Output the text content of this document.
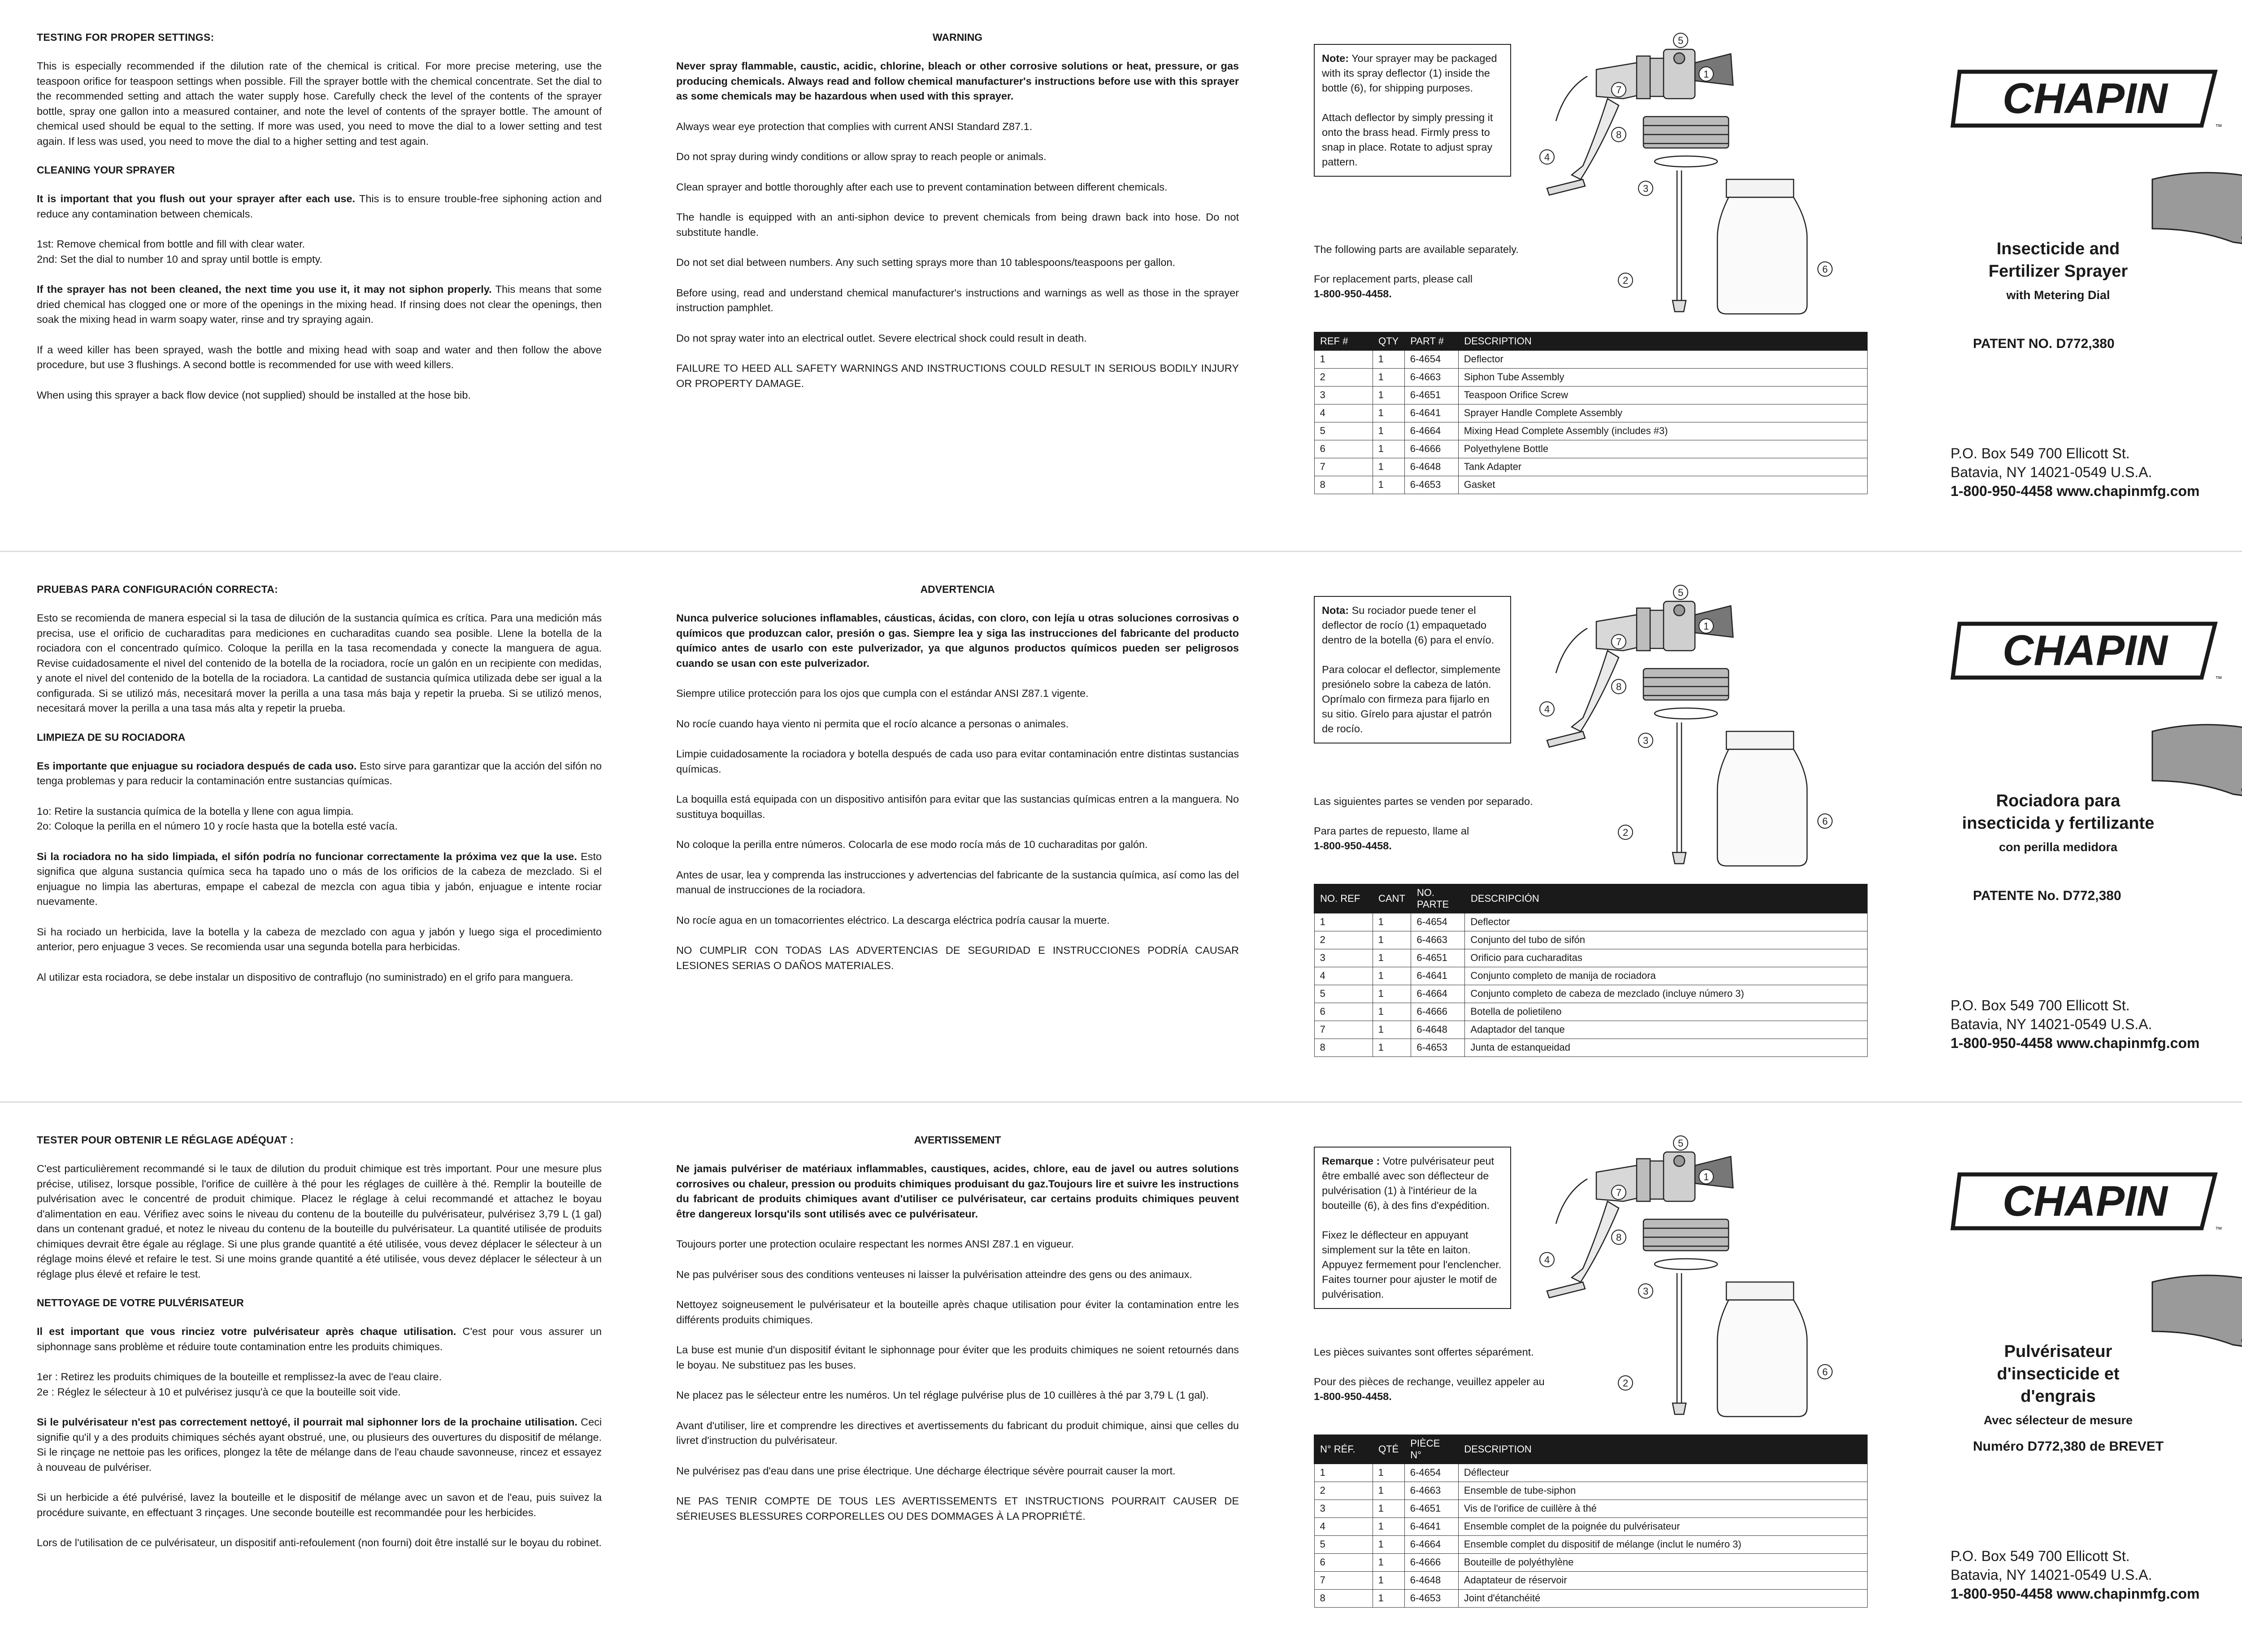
TESTING FOR PROPER SETTINGS:

This is especially recommended if the dilution rate of the chemical is critical. For more precise metering, use the teaspoon orifice for teaspoon settings when possible. Fill the sprayer bottle with the chemical concentrate. Set the dial to the recommended setting and attach the water supply hose. Carefully check the level of the contents of the sprayer bottle, spray one gallon into a measured container, and note the level of contents of the sprayer bottle. The amount of chemical used should be equal to the setting. If more was used, you need to move the dial to a lower setting and test again. If less was used, you need to move the dial to a higher setting and test again.

CLEANING YOUR SPRAYER

It is important that you flush out your sprayer after each use. This is to ensure trouble-free siphoning action and reduce any contamination between chemicals.

1st: Remove chemical from bottle and fill with clear water.
2nd: Set the dial to number 10 and spray until bottle is empty.

If the sprayer has not been cleaned, the next time you use it, it may not siphon properly. This means that some dried chemical has clogged one or more of the openings in the mixing head. If rinsing does not clear the openings, then soak the mixing head in warm soapy water, rinse and try spraying again.

If a weed killer has been sprayed, wash the bottle and mixing head with soap and water and then follow the above procedure, but use 3 flushings. A second bottle is recommended for use with weed killers.

When using this sprayer a back flow device (not supplied) should be installed at the hose bib.

WARNING

Never spray flammable, caustic, acidic, chlorine, bleach or other corrosive solutions or heat, pressure, or gas producing chemicals. Always read and follow chemical manufacturer's instructions before use with this sprayer as some chemicals may be hazardous when used with this sprayer.

Always wear eye protection that complies with current ANSI Standard Z87.1.

Do not spray during windy conditions or allow spray to reach people or animals.

Clean sprayer and bottle thoroughly after each use to prevent contamination between different chemicals.

The handle is equipped with an anti-siphon device to prevent chemicals from being drawn back into hose. Do not substitute handle.

Do not set dial between numbers. Any such setting sprays more than 10 tablespoons/teaspoons per gallon.

Before using, read and understand chemical manufacturer's instructions and warnings as well as those in the sprayer instruction pamphlet.

Do not spray water into an electrical outlet. Severe electrical shock could result in death.

FAILURE TO HEED ALL SAFETY WARNINGS AND INSTRUCTIONS COULD RESULT IN SERIOUS BODILY INJURY OR PROPERTY DAMAGE.

Note: Your sprayer may be packaged with its spray deflector (1) inside the bottle (6), for shipping purposes.

Attach deflector by simply pressing it onto the brass head. Firmly press to snap in place. Rotate to adjust spray pattern.

1
2
3
4
5
6
7
8

The following parts are available separately.

For replacement parts, please call
1-800-950-4458.

REF #	QTY	PART #	DESCRIPTION
1	1	6-4654	Deflector
2	1	6-4663	Siphon Tube Assembly
3	1	6-4651	Teaspoon Orifice Screw
4	1	6-4641	Sprayer Handle Complete Assembly
5	1	6-4664	Mixing Head Complete Assembly (includes #3)
6	1	6-4666	Polyethylene Bottle
7	1	6-4648	Tank Adapter
8	1	6-4653	Gasket
CHAPIN
™

Insecticide and
Fertilizer Sprayer
with Metering Dial
PATENT NO. D772,380
P.O. Box 549 700 Ellicott St.
Batavia, NY 14021-0549 U.S.A.
1-800-950-4458 www.chapinmfg.com

PRUEBAS PARA CONFIGURACIÓN CORRECTA:

Esto se recomienda de manera especial si la tasa de dilución de la sustancia química es crítica. Para una medición más precisa, use el orificio de cucharaditas para mediciones en cucharaditas cuando sea posible. Llene la botella de la rociadora con el concentrado químico. Coloque la perilla en la tasa recomendada y conecte la manguera de agua. Revise cuidadosamente el nivel del contenido de la botella de la rociadora, rocíe un galón en un recipiente con medidas, y anote el nivel del contenido de la botella de la rociadora. La cantidad de sustancia química utilizada debe ser igual a la configurada. Si se utilizó más, necesitará mover la perilla a una tasa más baja y repetir la prueba. Si se utilizó menos, necesitará mover la perilla a una tasa más alta y repetir la prueba.

LIMPIEZA DE SU ROCIADORA

Es importante que enjuague su rociadora después de cada uso. Esto sirve para garantizar que la acción del sifón no tenga problemas y para reducir la contaminación entre sustancias químicas.

1o: Retire la sustancia química de la botella y llene con agua limpia.
2o: Coloque la perilla en el número 10 y rocíe hasta que la botella esté vacía.

Si la rociadora no ha sido limpiada, el sifón podría no funcionar correctamente la próxima vez que la use. Esto significa que alguna sustancia química seca ha tapado uno o más de los orificios de la cabeza de mezclado. Si el enjuague no limpia las aberturas, empape el cabezal de mezcla con agua tibia y jabón, enjuague e intente rociar nuevamente.

Si ha rociado un herbicida, lave la botella y la cabeza de mezclado con agua y jabón y luego siga el procedimiento anterior, pero enjuague 3 veces. Se recomienda usar una segunda botella para herbicidas.

Al utilizar esta rociadora, se debe instalar un dispositivo de contraflujo (no suministrado) en el grifo para manguera.

ADVERTENCIA

Nunca pulverice soluciones inflamables, cáusticas, ácidas, con cloro, con lejía u otras soluciones corrosivas o químicos que produzcan calor, presión o gas. Siempre lea y siga las instrucciones del fabricante del producto químico antes de usarlo con este pulverizador, ya que algunos productos químicos pueden ser peligrosos cuando se usan con este pulverizador.

Siempre utilice protección para los ojos que cumpla con el estándar ANSI Z87.1 vigente.

No rocíe cuando haya viento ni permita que el rocío alcance a personas o animales.

Limpie cuidadosamente la rociadora y botella después de cada uso para evitar contaminación entre distintas sustancias químicas.

La boquilla está equipada con un dispositivo antisifón para evitar que las sustancias químicas entren a la manguera. No sustituya boquillas.

No coloque la perilla entre números. Colocarla de ese modo rocía más de 10 cucharaditas por galón.

Antes de usar, lea y comprenda las instrucciones y advertencias del fabricante de la sustancia química, así como las del manual de instrucciones de la rociadora.

No rocíe agua en un tomacorrientes eléctrico. La descarga eléctrica podría causar la muerte.

NO CUMPLIR CON TODAS LAS ADVERTENCIAS DE SEGURIDAD E INSTRUCCIONES PODRÍA CAUSAR LESIONES SERIAS O DAÑOS MATERIALES.

Nota: Su rociador puede tener el deflector de rocío (1) empaquetado dentro de la botella (6) para el envío.

Para colocar el deflector, simplemente presiónelo sobre la cabeza de latón. Oprímalo con firmeza para fijarlo en su sitio. Gírelo para ajustar el patrón de rocío.

1
2
3
4
5
6
7
8

Las siguientes partes se venden por separado.

Para partes de repuesto, llame al
1-800-950-4458.

NO. REF	CANT	NO. PARTE	DESCRIPCIÓN
1	1	6-4654	Deflector
2	1	6-4663	Conjunto del tubo de sifón
3	1	6-4651	Orificio para cucharaditas
4	1	6-4641	Conjunto completo de manija de rociadora
5	1	6-4664	Conjunto completo de cabeza de mezclado (incluye número 3)
6	1	6-4666	Botella de polietileno
7	1	6-4648	Adaptador del tanque
8	1	6-4653	Junta de estanqueidad
CHAPIN
™

Rociadora para
insecticida y fertilizante
con perilla medidora
PATENTE No. D772,380
P.O. Box 549 700 Ellicott St.
Batavia, NY 14021-0549 U.S.A.
1-800-950-4458 www.chapinmfg.com

TESTER POUR OBTENIR LE RÉGLAGE ADÉQUAT :

C'est particulièrement recommandé si le taux de dilution du produit chimique est très important. Pour une mesure plus précise, utilisez, lorsque possible, l'orifice de cuillère à thé pour les réglages de cuillère à thé. Remplir la bouteille de pulvérisation avec le concentré de produit chimique. Placez le réglage à celui recommandé et attachez le boyau d'alimentation en eau. Vérifiez avec soins le niveau du contenu de la bouteille du pulvérisateur, pulvérisez 3,79 L (1 gal) dans un contenant gradué, et notez le niveau du contenu de la bouteille du pulvérisateur. La quantité utilisée de produits chimiques devrait être égale au réglage. Si une plus grande quantité a été utilisée, vous devez déplacer le sélecteur à un réglage moins élevé et refaire le test. Si une moins grande quantité a été utilisée, vous devez déplacer le sélecteur à un réglage plus élevé et refaire le test.

NETTOYAGE DE VOTRE PULVÉRISATEUR

Il est important que vous rinciez votre pulvérisateur après chaque utilisation. C'est pour vous assurer un siphonnage sans problème et réduire toute contamination entre les produits chimiques.

1er : Retirez les produits chimiques de la bouteille et remplissez-la avec de l'eau claire.
2e : Réglez le sélecteur à 10 et pulvérisez jusqu'à ce que la bouteille soit vide.

Si le pulvérisateur n'est pas correctement nettoyé, il pourrait mal siphonner lors de la prochaine utilisation. Ceci signifie qu'il y a des produits chimiques séchés ayant obstrué, une, ou plusieurs des ouvertures du dispositif de mélange. Si le rinçage ne nettoie pas les orifices, plongez la tête de mélange dans de l'eau chaude savonneuse, rincez et essayez à nouveau de pulvériser.

Si un herbicide a été pulvérisé, lavez la bouteille et le dispositif de mélange avec un savon et de l'eau, puis suivez la procédure suivante, en effectuant 3 rinçages. Une seconde bouteille est recommandée pour les herbicides.

Lors de l'utilisation de ce pulvérisateur, un dispositif anti-refoulement (non fourni) doit être installé sur le boyau du robinet.

AVERTISSEMENT

Ne jamais pulvériser de matériaux inflammables, caustiques, acides, chlore, eau de javel ou autres solutions corrosives ou chaleur, pression ou produits chimiques produisant du gaz.Toujours lire et suivre les instructions du fabricant de produits chimiques avant d'utiliser ce pulvérisateur, car certains produits chimiques peuvent être dangereux lorsqu'ils sont utilisés avec ce pulvérisateur.

Toujours porter une protection oculaire respectant les normes ANSI Z87.1 en vigueur.

Ne pas pulvériser sous des conditions venteuses ni laisser la pulvérisation atteindre des gens ou des animaux.

Nettoyez soigneusement le pulvérisateur et la bouteille après chaque utilisation pour éviter la contamination entre les différents produits chimiques.

La buse est munie d'un dispositif évitant le siphonnage pour éviter que les produits chimiques ne soient retournés dans le boyau. Ne substituez pas les buses.

Ne placez pas le sélecteur entre les numéros. Un tel réglage pulvérise plus de 10 cuillères à thé par 3,79 L (1 gal).

Avant d'utiliser, lire et comprendre les directives et avertissements du fabricant du produit chimique, ainsi que celles du livret d'instruction du pulvérisateur.

Ne pulvérisez pas d'eau dans une prise électrique. Une décharge électrique sévère pourrait causer la mort.

NE PAS TENIR COMPTE DE TOUS LES AVERTISSEMENTS ET INSTRUCTIONS POURRAIT CAUSER DE SÉRIEUSES BLESSURES CORPORELLES OU DES DOMMAGES À LA PROPRIÉTÉ.

Remarque : Votre pulvérisateur peut être emballé avec son déflecteur de pulvérisation (1) à l'intérieur de la bouteille (6), à des fins d'expédition.

Fixez le déflecteur en appuyant simplement sur la tête en laiton. Appuyez fermement pour l'enclencher. Faites tourner pour ajuster le motif de pulvérisation.

1
2
3
4
5
6
7
8

Les pièces suivantes sont offertes séparément.

Pour des pièces de rechange, veuillez appeler au
1-800-950-4458.

N° RÉF.	QTÉ	PIÈCE N°	DESCRIPTION
1	1	6-4654	Déflecteur
2	1	6-4663	Ensemble de tube-siphon
3	1	6-4651	Vis de l'orifice de cuillère à thé
4	1	6-4641	Ensemble complet de la poignée du pulvérisateur
5	1	6-4664	Ensemble complet du dispositif de mélange (inclut le numéro 3)
6	1	6-4666	Bouteille de polyéthylène
7	1	6-4648	Adaptateur de réservoir
8	1	6-4653	Joint d'étanchéité
CHAPIN
™

Pulvérisateur
d'insecticide et d'engrais
Avec sélecteur de mesure
Numéro D772,380 de BREVET
P.O. Box 549 700 Ellicott St.
Batavia, NY 14021-0549 U.S.A.
1-800-950-4458 www.chapinmfg.com
